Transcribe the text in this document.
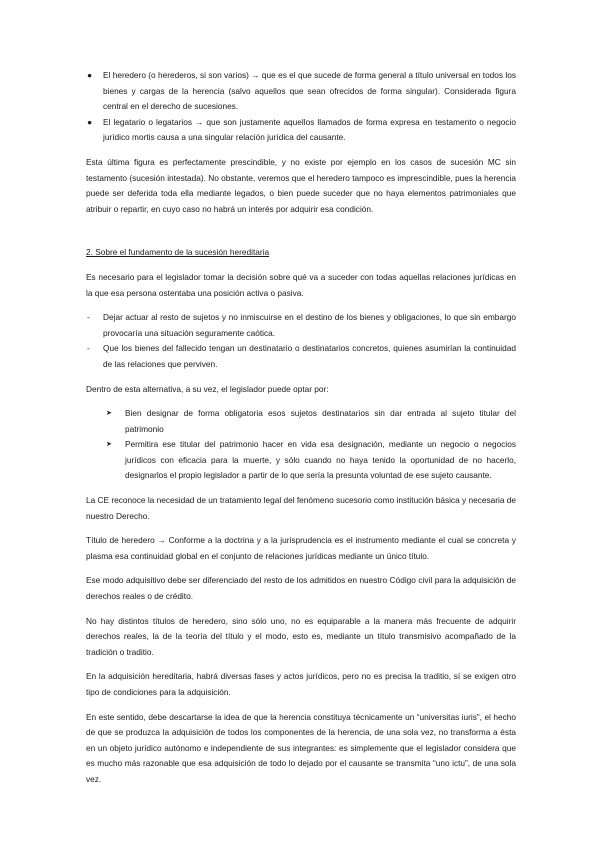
● El heredero (o herederos, si son varios) → que es el que sucede de forma general a título universal en todos los bienes y cargas de la herencia (salvo aquellos que sean ofrecidos de forma singular). Considerada figura central en el derecho de sucesiones.
● El legatario o legatarios → que son justamente aquellos llamados de forma expresa en testamento o negocio jurídico mortis causa a una singular relación jurídica del causante.

Esta última figura es perfectamente prescindible, y no existe por ejemplo en los casos de sucesión MC sin testamento (sucesión intestada). No obstante, veremos que el heredero tampoco es imprescindible, pues la herencia puede ser deferida toda ella mediante legados, o bien puede suceder que no haya elementos patrimoniales que atribuir o repartir, en cuyo caso no habrá un interés por adquirir esa condición.

2. Sobre el fundamento de la sucesión hereditaria

Es necesario para el legislador tomar la decisión sobre qué va a suceder con todas aquellas relaciones jurídicas en la que esa persona ostentaba una posición activa o pasiva.

- Dejar actuar al resto de sujetos y no inmiscuirse en el destino de los bienes y obligaciones, lo que sin embargo provocaría una situación seguramente caótica.
- Que los bienes del fallecido tengan un destinatario o destinatarios concretos, quienes asumirían la continuidad de las relaciones que perviven.

Dentro de esta alternativa, a su vez, el legislador puede optar por:

➤ Bien designar de forma obligatoria esos sujetos destinatarios sin dar entrada al sujeto titular del patrimonio
➤ Permitira ese titular del patrimonio hacer en vida esa designación, mediante un negocio o negocios jurídicos con eficacia para la muerte, y sólo cuando no haya tenido la oportunidad de no hacerlo, designarlos el propio legislador a partir de lo que sería la presunta voluntad de ese sujeto causante.

La CE reconoce la necesidad de un tratamiento legal del fenómeno sucesorio como institución básica y necesaria de nuestro Derecho.

Título de heredero → Conforme a la doctrina y a la jurisprudencia es el instrumento mediante el cual se concreta y plasma esa continuidad global en el conjunto de relaciones jurídicas mediante un único título.

Ese modo adquisitivo debe ser diferenciado del resto de los admitidos en nuestro Código civil para la adquisición de derechos reales o de crédito.

No hay distintos títulos de heredero, sino sólo uno, no es equiparable a la manera más frecuente de adquirir derechos reales, la de la teoría del título y el modo, esto es, mediante un título transmisivo acompañado de la tradición o traditio.

En la adquisición hereditaria, habrá diversas fases y actos jurídicos, pero no es precisa la traditio, sí se exigen otro tipo de condiciones para la adquisición.

En este sentido, debe descartarse la idea de que la herencia constituya técnicamente un “universitas iuris”, el hecho de que se produzca la adquisición de todos los componentes de la herencia, de una sola vez, no transforma a ésta en un objeto jurídico autónomo e independiente de sus integrantes: es simplemente que el legislador considera que es mucho más razonable que esa adquisición de todo lo dejado por el causante se transmita “uno ictu”, de una sola vez.
